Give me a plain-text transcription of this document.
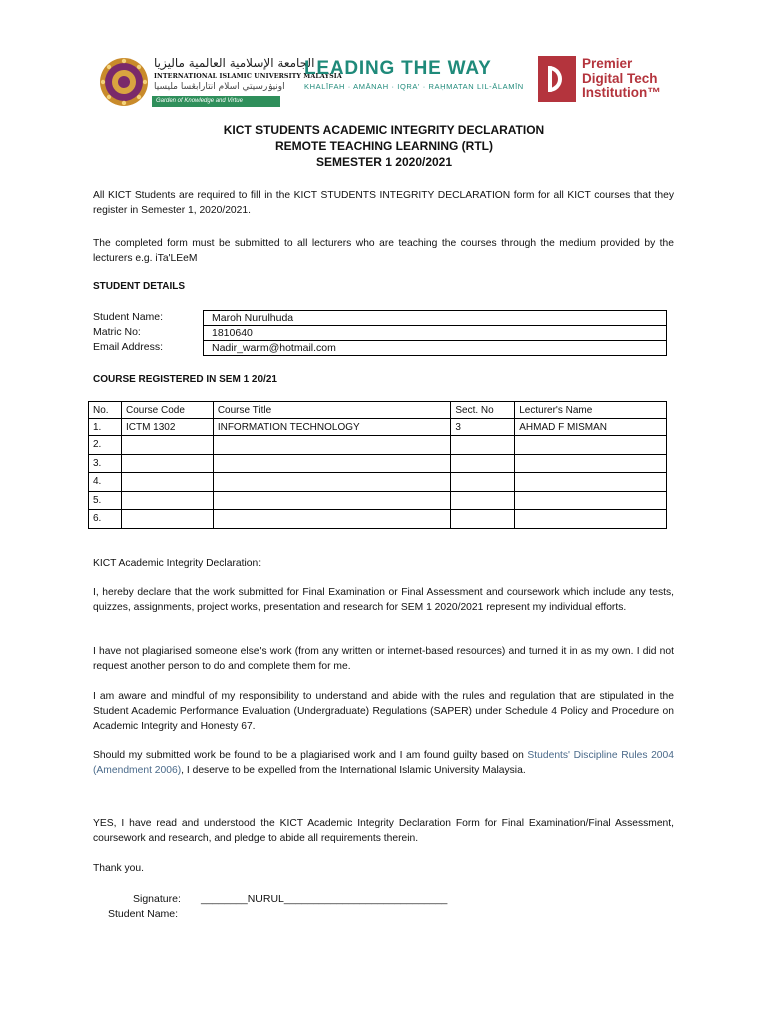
الجامعة الإسلامية العالمية ماليزيا
INTERNATIONAL ISLAMIC UNIVERSITY MALAYSIA
اونيۏرسيتي اسلام انتارابڠسا مليسيا
Garden of Knowledge and Virtue
LEADING THE WAY
KHALĪFAH · AMĀNAH · IQRA' · RAḤMATAN LIL-ĀLAMĪN
Premier
Digital Tech
Institution™
KICT STUDENTS ACADEMIC INTEGRITY DECLARATION
REMOTE TEACHING LEARNING (RTL)
SEMESTER 1 2020/2021
All KICT Students are required to fill in the KICT STUDENTS INTEGRITY DECLARATION form for all KICT courses that they register in Semester 1, 2020/2021.
The completed form must be submitted to all lecturers who are teaching the courses through the medium provided by the lecturers e.g. iTa'LEeM
STUDENT DETAILS
Student Name:	Maroh Nurulhuda
Matric No:	1810640
Email Address:	Nadir_warm@hotmail.com
COURSE REGISTERED IN SEM 1 20/21
No.	Course Code	Course Title	Sect. No	Lecturer's Name
1.	ICTM 1302	INFORMATION TECHNOLOGY	3	AHMAD F MISMAN
2.				
3.				
4.				
5.				
6.				
KICT Academic Integrity Declaration:
I, hereby declare that the work submitted for Final Examination or Final Assessment and coursework which include any tests, quizzes, assignments, project works, presentation and research for SEM 1 2020/2021 represent my individual efforts.
I have not plagiarised someone else's work (from any written or internet-based resources) and turned it in as my own. I did not request another person to do and complete them for me.
I am aware and mindful of my responsibility to understand and abide with the rules and regulation that are stipulated in the Student Academic Performance Evaluation (Undergraduate) Regulations (SAPER) under Schedule 4 Policy and Procedure on Academic Integrity and Honesty 67.
Should my submitted work be found to be a plagiarised work and I am found guilty based on Students' Discipline Rules 2004 (Amendment 2006), I deserve to be expelled from the International Islamic University Malaysia.
YES, I have read and understood the KICT Academic Integrity Declaration Form for Final Examination/Final Assessment, coursework and research, and pledge to abide all requirements therein.
Thank you.
Signature: ________NURUL____________________________
Student Name:
